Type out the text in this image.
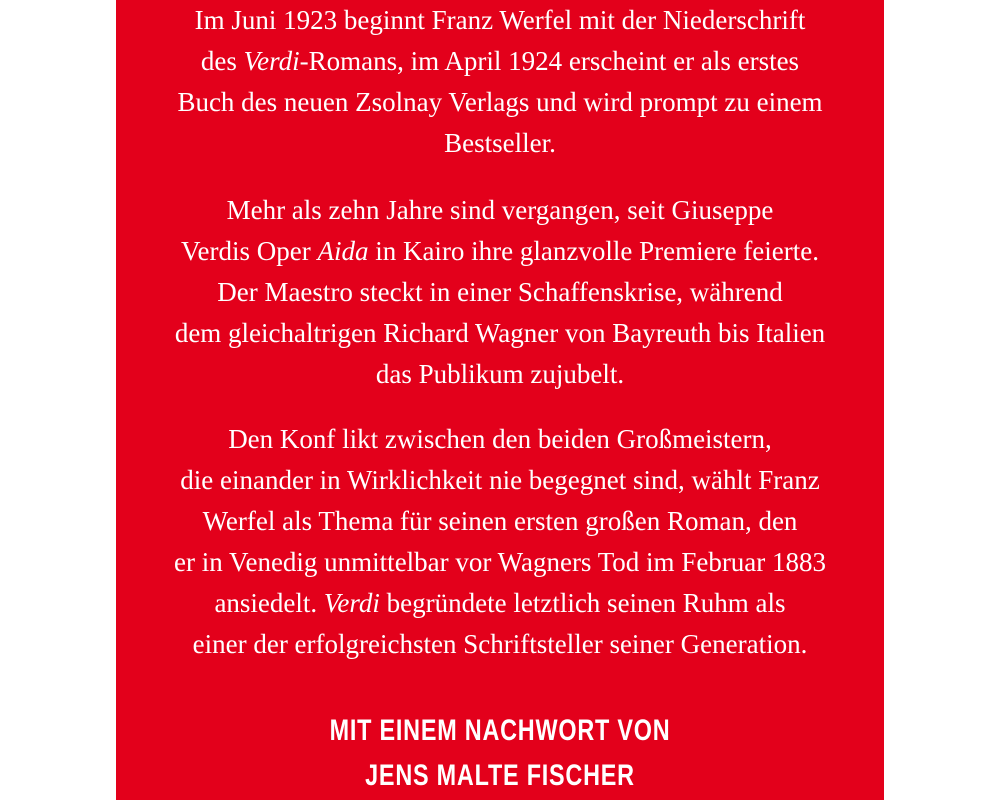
Im Juni 1923 beginnt Franz Werfel mit der Niederschrift
des Verdi-Romans, im April 1924 erscheint er als erstes
Buch des neuen Zsolnay Verlags und wird prompt zu einem
Bestseller.
Mehr als zehn Jahre sind vergangen, seit Giuseppe
Verdis Oper Aida in Kairo ihre glanzvolle Premiere feierte.
Der Maestro steckt in einer Schaffenskrise, während
dem gleichaltrigen Richard Wagner von Bayreuth bis Italien
das Publikum zujubelt.
Den Konf likt zwischen den beiden Großmeistern,
die einander in Wirklichkeit nie begegnet sind, wählt Franz
Werfel als Thema für seinen ersten großen Roman, den
er in Venedig unmittelbar vor Wagners Tod im Februar 1883
ansiedelt. Verdi begründete letztlich seinen Ruhm als
einer der erfolgreichsten Schriftsteller seiner Generation.
MIT EINEM NACHWORT VON
JENS MALTE FISCHER
